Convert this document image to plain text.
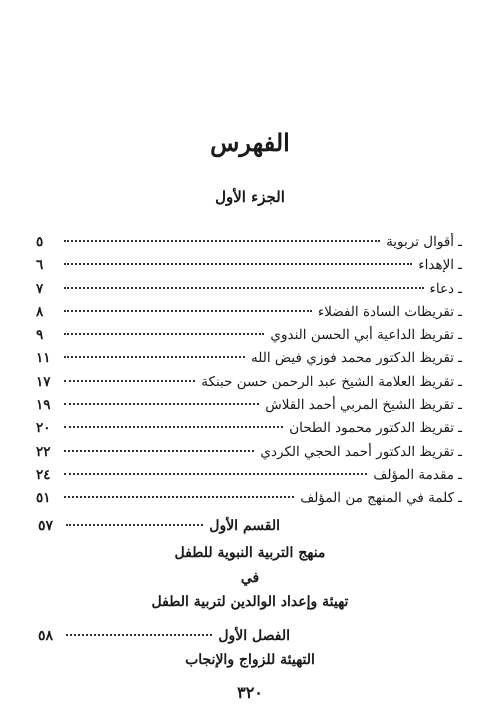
الفهرس
الجزء الأول
ـ
أقوال تربوية
٥
ـ
الإهداء
٦
ـ
دعاء
٧
ـ
تقريظات السادة الفضلاء
٨
ـ
تقريظ الداعية أبي الحسن الندوي
٩
ـ
تقريظ الدكتور محمد فوزي فيض الله
١١
ـ
تقريظ العلامة الشيخ عبد الرحمن حسن حبنكة
١٧
ـ
تقريظ الشيخ المربي أحمد القلاش
١٩
ـ
تقريظ الدكتور محمود الطحان
٢٠
ـ
تقريظ الدكتور أحمد الحجي الكردي
٢٢
ـ
مقدمة المؤلف
٢٤
ـ
كلمة في المنهج من المؤلف
٥١
القسم الأول
٥٧
منهج التربية النبوية للطفل
في
تهيئة وإعداد الوالدين لتربية الطفل
الفصل الأول
٥٨
التهيئة للزواج والإنجاب
٣٢٠
